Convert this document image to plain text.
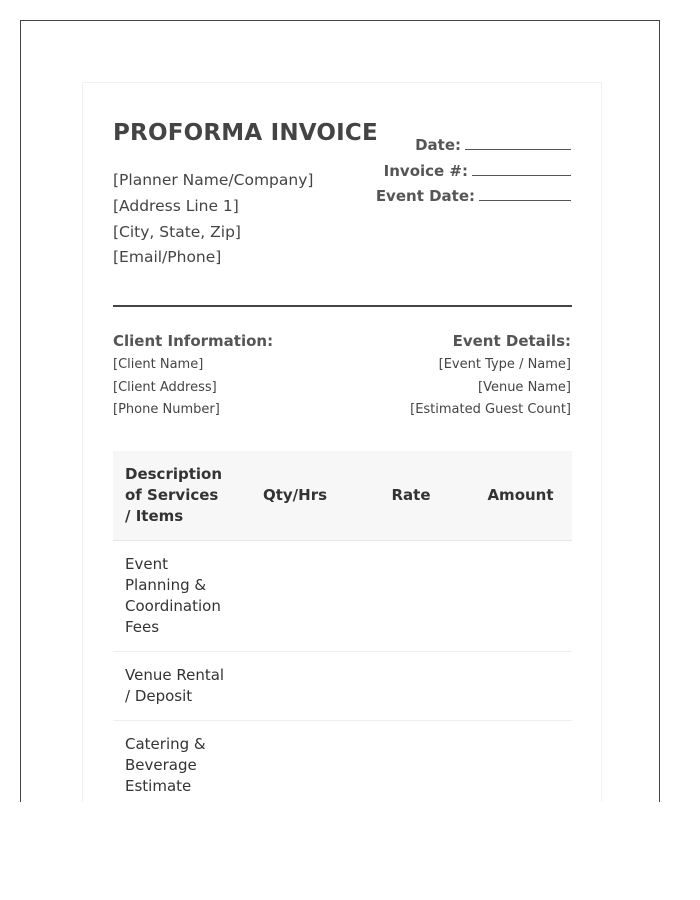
PROFORMA INVOICE	Date:
Invoice #:
Event Date:
[Planner Name/Company]
[Address Line 1]
[City, State, Zip]
[Email/Phone]
Client Information:
[Client Name]
[Client Address]
[Phone Number]
Event Details:
[Event Type / Name]
[Venue Name]
[Estimated Guest Count]
Description of Services / Items	Qty/Hrs	Rate	Amount
Event Planning & Coordination Fees			
Venue Rental / Deposit			
Catering & Beverage Estimate			
